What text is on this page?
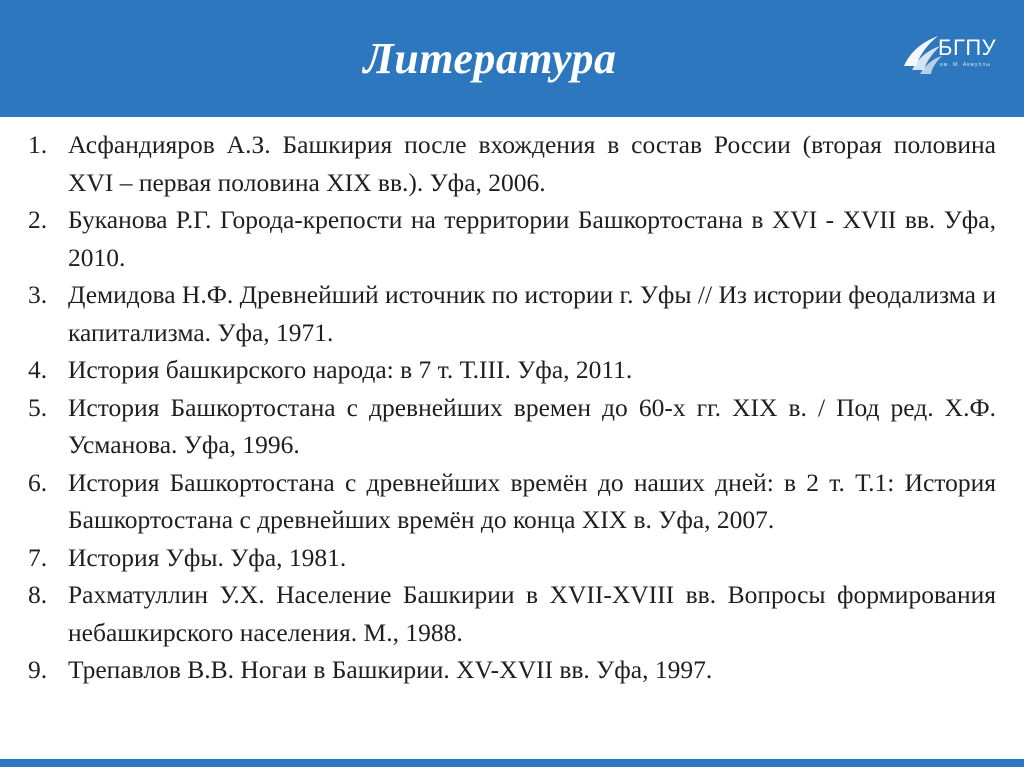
Литература	БГПУ
им. М. Акмуллы
1. Асфандияров А.З. Башкирия после вхождения в состав России (вторая половина XVI – первая половина XIX вв.). Уфа, 2006.
2. Буканова Р.Г. Города-крепости на территории Башкортостана в XVI - XVII вв. Уфа, 2010.
3. Демидова Н.Ф. Древнейший источник по истории г. Уфы // Из истории феодализма и капитализма. Уфа, 1971.
4. История башкирского народа: в 7 т. Т.III. Уфа, 2011.
5. История Башкортостана с древнейших времен до 60-х гг. XIX в. / Под ред. Х.Ф. Усманова. Уфа, 1996.
6. История Башкортостана с древнейших времён до наших дней: в 2 т. Т.1: История Башкортостана с древнейших времён до конца XIX в. Уфа, 2007.
7. История Уфы. Уфа, 1981.
8. Рахматуллин У.Х. Население Башкирии в XVII-XVIII вв. Вопросы формирования небашкирского населения. М., 1988.
9. Трепавлов В.В. Ногаи в Башкирии. XV-XVII вв. Уфа, 1997.
